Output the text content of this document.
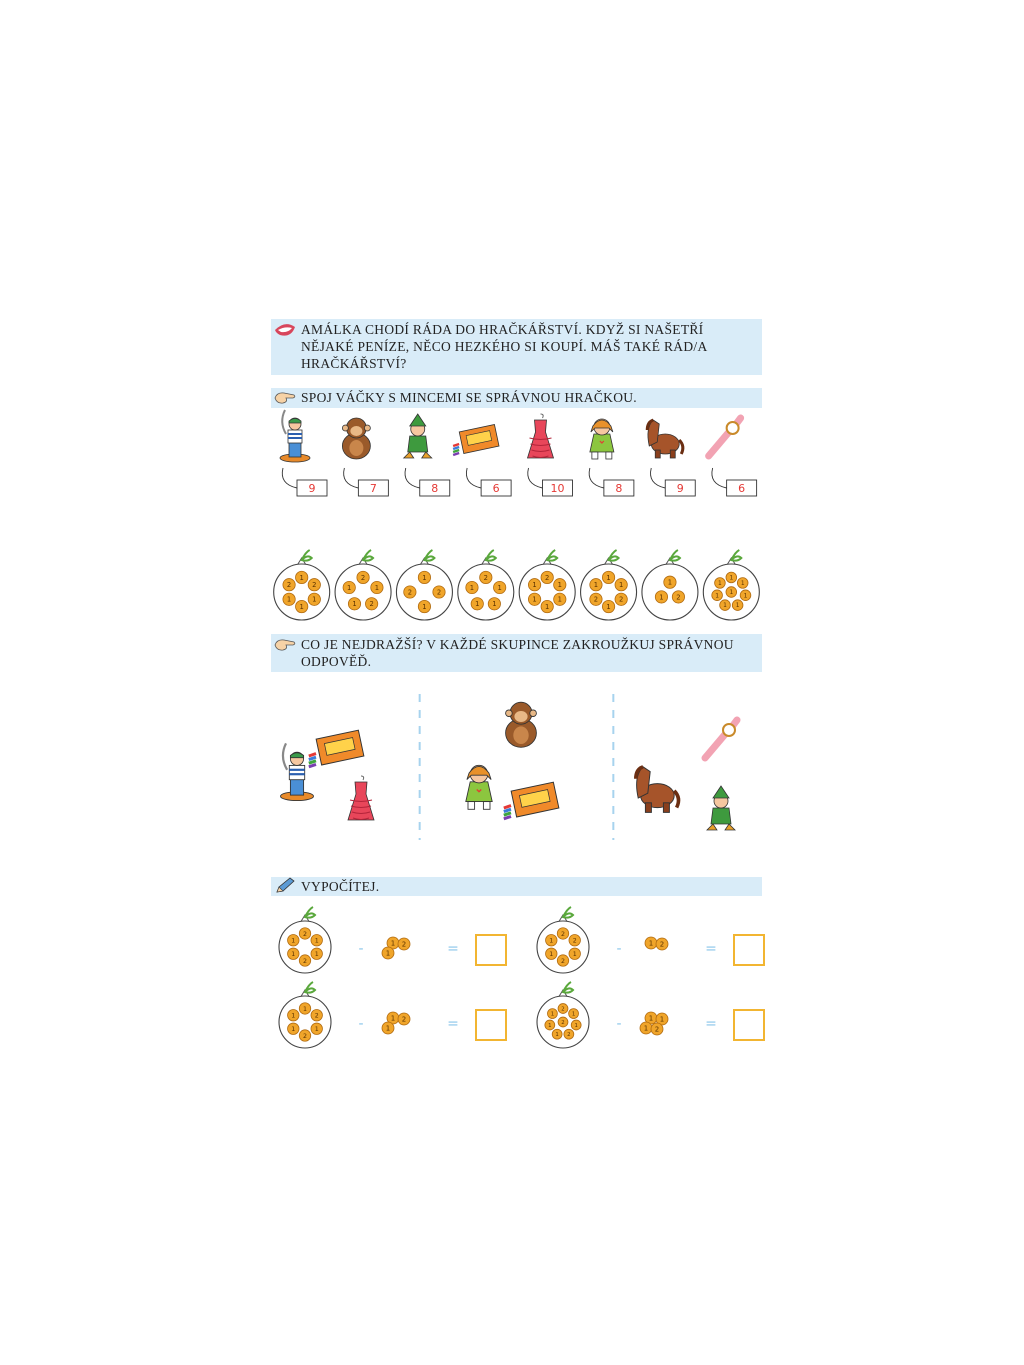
AMÁLKA CHODÍ RÁDA DO HRAČKÁŘSTVÍ. KDYŽ SI NAŠETŘÍ NĚJAKÉ PENÍZE, NĚCO HEZKÉHO SI KOUPÍ. MÁŠ TAKÉ RÁD/A HRAČKÁŘSTVÍ?
SPOJ VÁČKY S MINCEMI SE SPRÁVNOU HRAČKOU.
9	7	8	6	10	8	9	6
1
2
1
1
1
2
2
1
2
1
1
1
2
1
2
2
1
1
1
1
2
1
1
1
1
1
1
1
2
1
2
1	1
2
1
1
1
1
1
1
1
1
1
CO JE NEJDRAŽŠÍ? V KAŽDÉ SKUPINCE ZAKROUŽKUJ SPRÁVNOU ODPOVĚĎ.
VYPOČÍTEJ.
2
1
1
2
1
1	-	1 2
1	=
2
2
1
2
1
1	-	1 2	=
1
2
1
2
1
1	-	1 2
1	=
2
1
1
2
1
1
1
2	-	1 1
1 2	=
